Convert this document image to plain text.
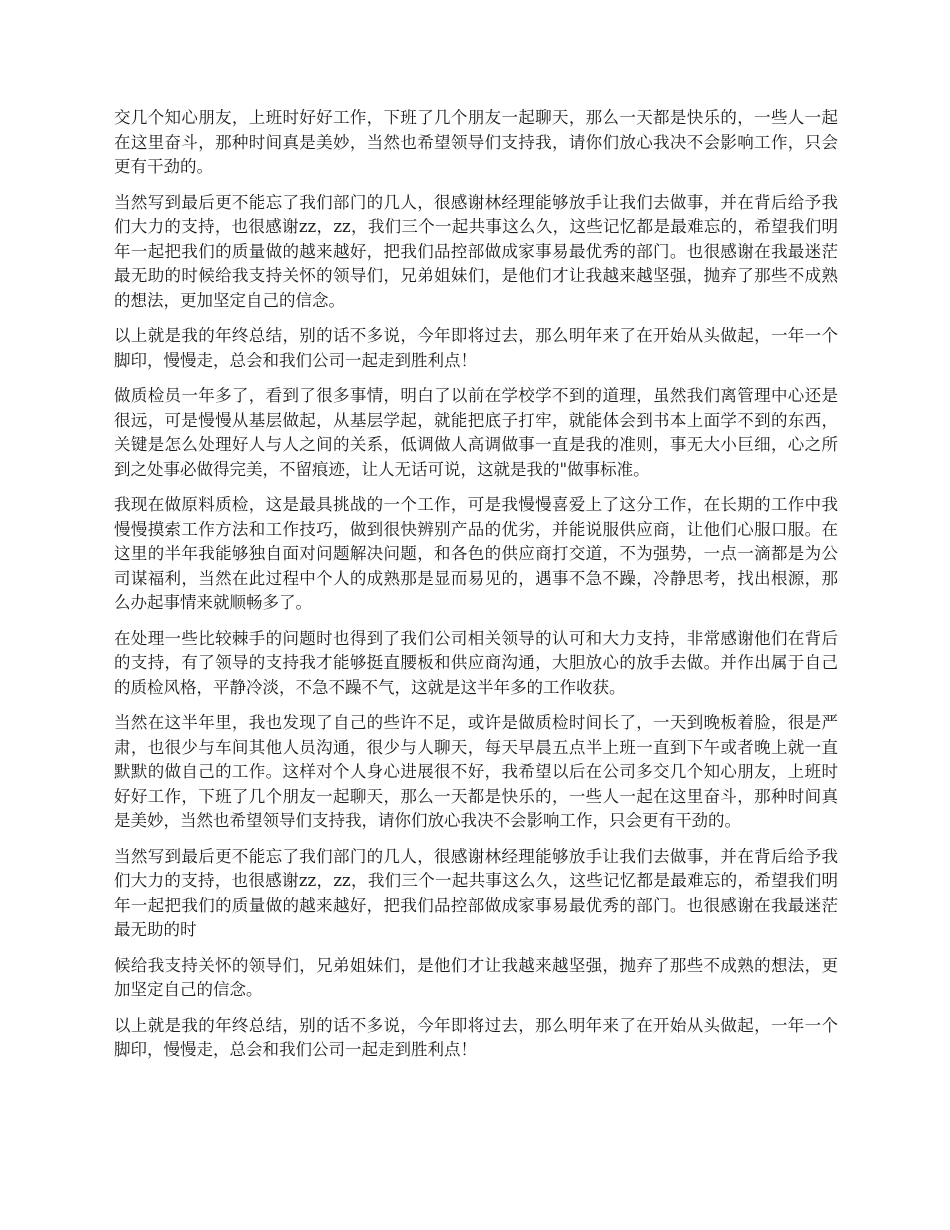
交几个知心朋友，上班时好好工作，下班了几个朋友一起聊天，那么一天都是快乐的，一些人一起在这里奋斗，那种时间真是美妙，当然也希望领导们支持我，请你们放心我决不会影响工作，只会更有干劲的。

当然写到最后更不能忘了我们部门的几人，很感谢林经理能够放手让我们去做事，并在背后给予我们大力的支持，也很感谢zz，zz，我们三个一起共事这么久，这些记忆都是最难忘的，希望我们明年一起把我们的质量做的越来越好，把我们品控部做成家事易最优秀的部门。也很感谢在我最迷茫最无助的时候给我支持关怀的领导们，兄弟姐妹们，是他们才让我越来越坚强，抛弃了那些不成熟的想法，更加坚定自己的信念。

以上就是我的年终总结，别的话不多说，今年即将过去，那么明年来了在开始从头做起，一年一个脚印，慢慢走，总会和我们公司一起走到胜利点！

做质检员一年多了，看到了很多事情，明白了以前在学校学不到的道理，虽然我们离管理中心还是很远，可是慢慢从基层做起，从基层学起，就能把底子打牢，就能体会到书本上面学不到的东西，关键是怎么处理好人与人之间的关系，低调做人高调做事一直是我的准则，事无大小巨细，心之所到之处事必做得完美，不留痕迹，让人无话可说，这就是我的"做事标准。

我现在做原料质检，这是最具挑战的一个工作，可是我慢慢喜爱上了这分工作，在长期的工作中我慢慢摸索工作方法和工作技巧，做到很快辨别产品的优劣，并能说服供应商，让他们心服口服。在这里的半年我能够独自面对问题解决问题，和各色的供应商打交道，不为强势，一点一滴都是为公司谋福利，当然在此过程中个人的成熟那是显而易见的，遇事不急不躁，冷静思考，找出根源，那么办起事情来就顺畅多了。

在处理一些比较棘手的问题时也得到了我们公司相关领导的认可和大力支持，非常感谢他们在背后的支持，有了领导的支持我才能够挺直腰板和供应商沟通，大胆放心的放手去做。并作出属于自己的质检风格，平静冷淡，不急不躁不气，这就是这半年多的工作收获。

当然在这半年里，我也发现了自己的些许不足，或许是做质检时间长了，一天到晚板着脸，很是严肃，也很少与车间其他人员沟通，很少与人聊天，每天早晨五点半上班一直到下午或者晚上就一直默默的做自己的工作。这样对个人身心进展很不好，我希望以后在公司多交几个知心朋友，上班时好好工作，下班了几个朋友一起聊天，那么一天都是快乐的，一些人一起在这里奋斗，那种时间真是美妙，当然也希望领导们支持我，请你们放心我决不会影响工作，只会更有干劲的。

当然写到最后更不能忘了我们部门的几人，很感谢林经理能够放手让我们去做事，并在背后给予我们大力的支持，也很感谢zz，zz，我们三个一起共事这么久，这些记忆都是最难忘的，希望我们明年一起把我们的质量做的越来越好，把我们品控部做成家事易最优秀的部门。也很感谢在我最迷茫最无助的时

候给我支持关怀的领导们，兄弟姐妹们，是他们才让我越来越坚强，抛弃了那些不成熟的想法，更加坚定自己的信念。

以上就是我的年终总结，别的话不多说，今年即将过去，那么明年来了在开始从头做起，一年一个脚印，慢慢走，总会和我们公司一起走到胜利点！
